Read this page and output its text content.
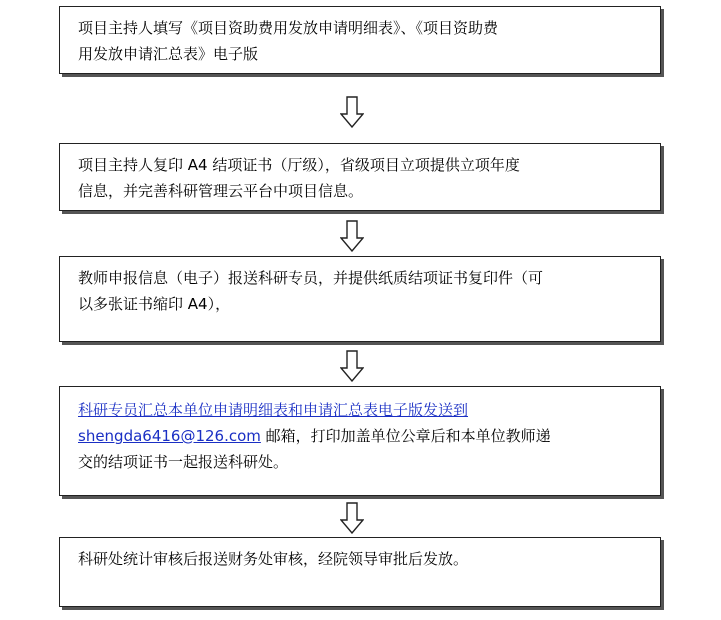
项目主持人填写《项目资助费用发放申请明细表》、《项目资助费
用发放申请汇总表》电子版
项目主持人复印 A4 结项证书（厅级），省级项目立项提供立项年度
信息，并完善科研管理云平台中项目信息。
教师申报信息（电子）报送科研专员，并提供纸质结项证书复印件（可
以多张证书缩印 A4），
科研专员汇总本单位申请明细表和申请汇总表电子版发送到
shengda6416@126.com 邮箱，打印加盖单位公章后和本单位教师递
交的结项证书一起报送科研处。
科研处统计审核后报送财务处审核，经院领导审批后发放。
